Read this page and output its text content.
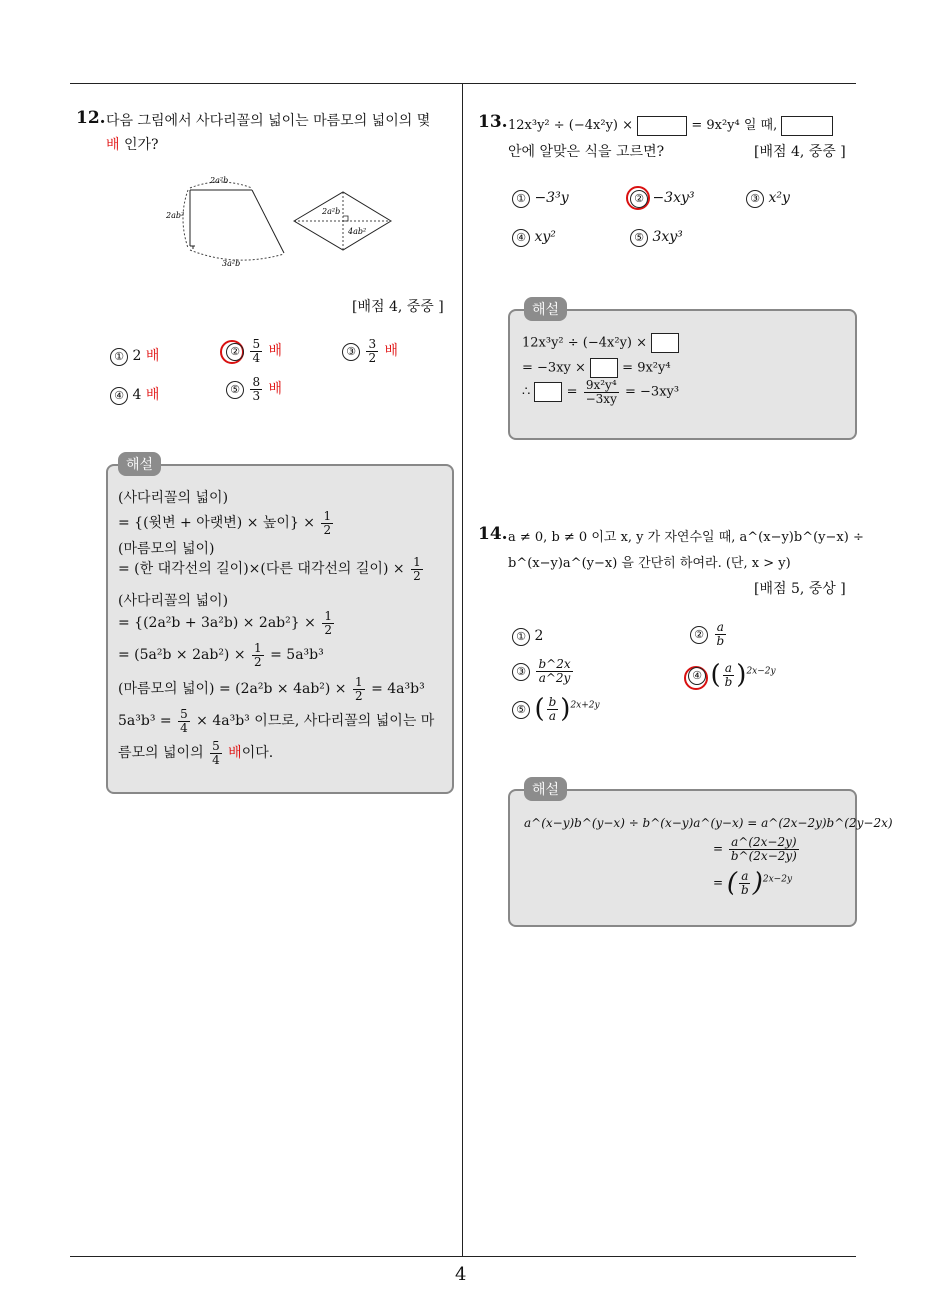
4
12. 다음 그림에서 사다리꼴의 넓이는 마름모의 넓이의 몇
배 인가?
2a²b
2ab²
3a²b
2a²b
4ab²
[배점 4, 중중 ]
① 2 배	② $\frac{5}{4}$ 배	③ $\frac{3}{2}$ 배
④ 4 배	⑤ $\frac{8}{3}$ 배
해설
(사다리꼴의 넓이)
= {(윗변 + 아랫변) × 높이} × $\frac{1}{2}$
(마름모의 넓이)
= (한 대각선의 길이)×(다른 대각선의 길이) × $\frac{1}{2}$
(사다리꼴의 넓이)
= $\{(2a^2b + 3a^2b) \times 2ab^2\} \times \frac{1}{2}$
= $(5a^2b \times 2ab^2) \times \frac{1}{2} = 5a^3b^3$
(마름모의 넓이) = $(2a^2b \times 4ab^2) \times \frac{1}{2} = 4a^3b^3$
$5a^3b^3 = \frac{5}{4} \times 4a^3b^3$ 이므로, 사다리꼴의 넓이는 마
름모의 넓이의 $\frac{5}{4}$ 배이다.
13. 12x³y² ÷ (−4x²y) ×	= 9x²y⁴ 일 때,
안에 알맞은 식을 고르면?	[배점 4, 중중 ]
① −3³y	② −3xy³	③ x²y
④ xy²	⑤ 3xy³
해설
12x³y² ÷ (−4x²y) ×
= −3xy ×	= 9x²y⁴
∴	= $\frac{\text{9x²y⁴}}{-3xy} = -3xy^3$
14. a ≠ 0, b ≠ 0 이고 x, y 가 자연수일 때, a^(x−y)b^(y−x) ÷
b^(x−y)a^(y−x) 을 간단히 하여라. (단, x > y)
[배점 5, 중상 ]
① 2	② $\frac{a}{b}$
③ $\frac{b\^{}2x}{a\^{}2y}$	④ ( $\frac{a}{b} )^{2x-2y}$
⑤ ( $\frac{b}{a} )^{2x+2y}$
해설
a^(x−y)b^(y−x) ÷ b^(x−y)a^(y−x) = a^(2x−2y)b^(2y−2x)
= $\frac{a\^{}(2x-2y)}{b\^{}(2x-2y)}$
= ( $\frac{a}{b} )^{2x-2y}$
